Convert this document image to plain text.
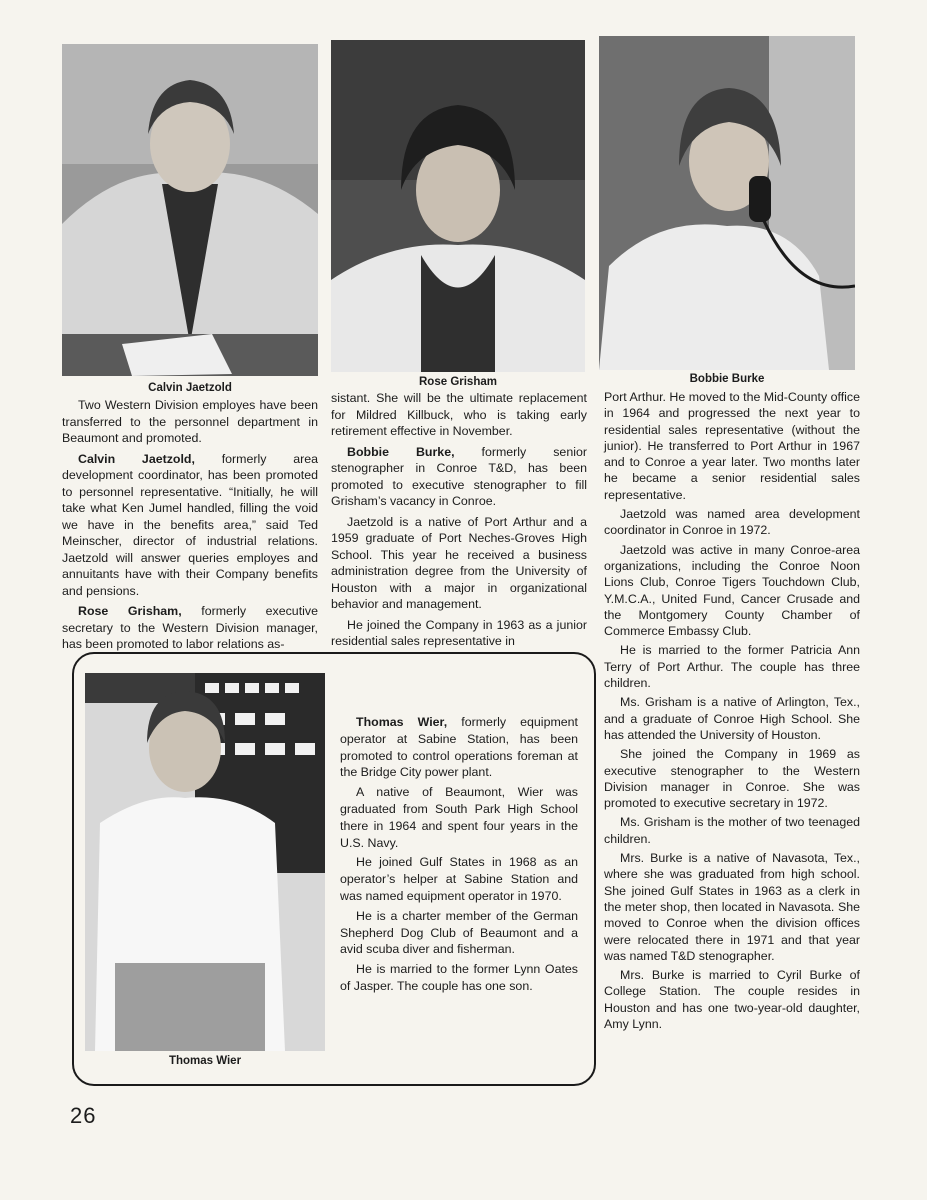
Calvin Jaetzold	Rose Grisham	Bobbie Burke

Two Western Division employes have been transferred to the personnel department in Beaumont and promoted.

Calvin Jaetzold, formerly area development coordinator, has been promoted to personnel representative. “Initially, he will take what Ken Jumel handled, filling the void we have in the benefits area,” said Ted Meinscher, director of industrial relations. Jaetzold will answer queries employes and annuitants have with their Company benefits and pensions.

Rose Grisham, formerly executive secretary to the Western Division manager, has been promoted to labor relations as-

sistant. She will be the ultimate replacement for Mildred Killbuck, who is taking early retirement effective in November.

Bobbie Burke, formerly senior stenographer in Conroe T&D, has been promoted to executive stenographer to fill Grisham’s vacancy in Conroe.

Jaetzold is a native of Port Arthur and a 1959 graduate of Port Neches-Groves High School. This year he received a business administration degree from the University of Houston with a major in organizational behavior and management.

He joined the Company in 1963 as a junior residential sales representative in

Port Arthur. He moved to the Mid-County office in 1964 and progressed the next year to residential sales representative (without the junior). He transferred to Port Arthur in 1967 and to Conroe a year later. Two months later he became a senior residential sales representative.

Jaetzold was named area development coordinator in Conroe in 1972.

Jaetzold was active in many Conroe-area organizations, including the Conroe Noon Lions Club, Conroe Tigers Touchdown Club, Y.M.C.A., United Fund, Cancer Crusade and the Montgomery County Chamber of Commerce Embassy Club.

He is married to the former Patricia Ann Terry of Port Arthur. The couple has three children.

Ms. Grisham is a native of Arlington, Tex., and a graduate of Conroe High School. She has attended the University of Houston.

She joined the Company in 1969 as executive stenographer to the Western Division manager in Conroe. She was promoted to executive secretary in 1972.

Ms. Grisham is the mother of two teenaged children.

Mrs. Burke is a native of Navasota, Tex., where she was graduated from high school. She joined Gulf States in 1963 as a clerk in the meter shop, then located in Navasota. She moved to Conroe when the division offices were relocated there in 1971 and that year was named T&D stenographer.

Mrs. Burke is married to Cyril Burke of College Station. The couple resides in Houston and has one two-year-old daughter, Amy Lynn.

Thomas Wier

Thomas Wier, formerly equipment operator at Sabine Station, has been promoted to control operations foreman at the Bridge City power plant.

A native of Beaumont, Wier was graduated from South Park High School there in 1964 and spent four years in the U.S. Navy.

He joined Gulf States in 1968 as an operator’s helper at Sabine Station and was named equipment operator in 1970.

He is a charter member of the German Shepherd Dog Club of Beaumont and a avid scuba diver and fisherman.

He is married to the former Lynn Oates of Jasper. The couple has one son.

26
